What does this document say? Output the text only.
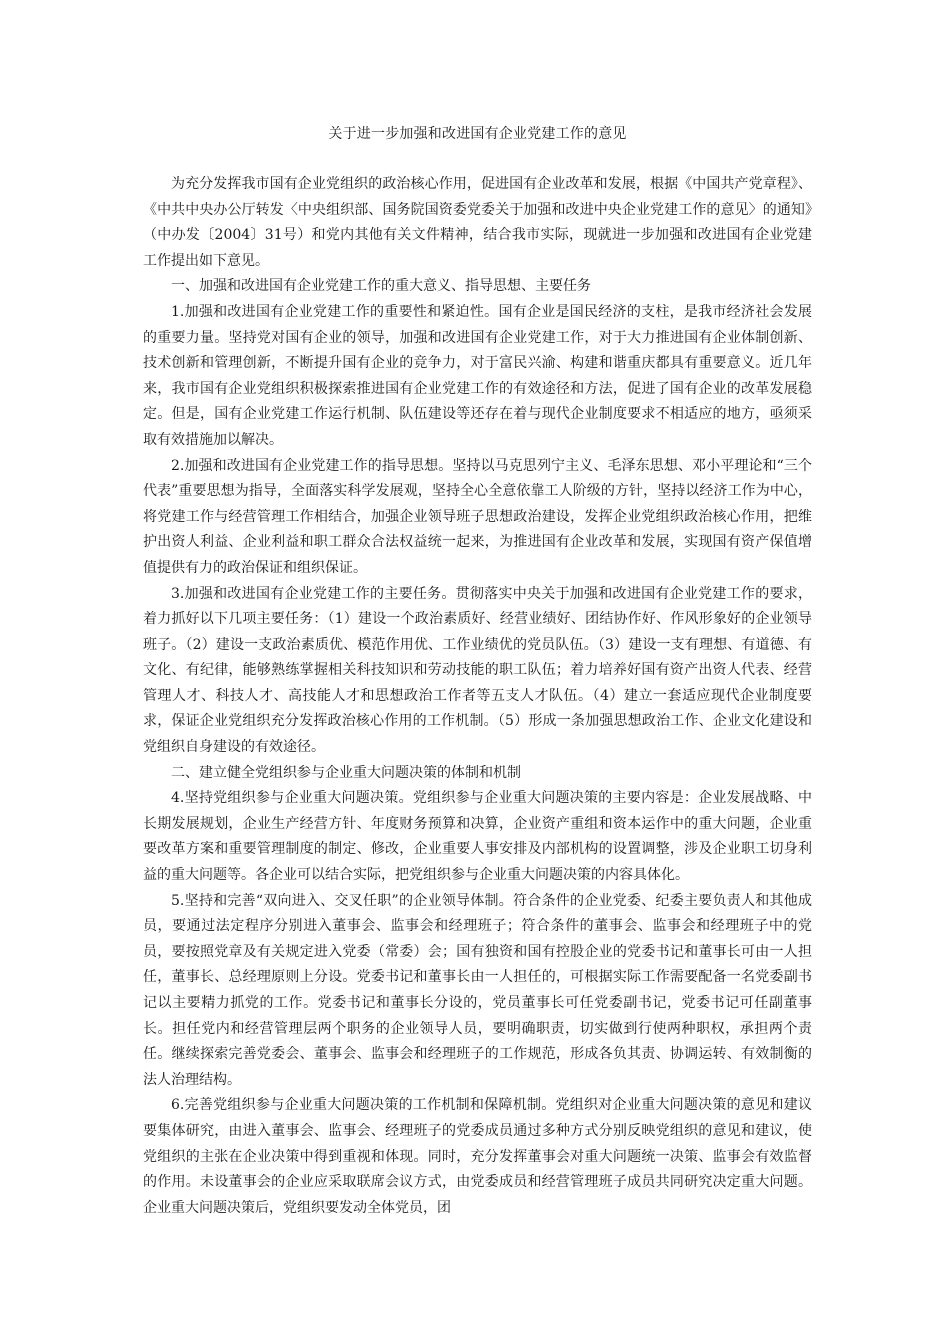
关于进一步加强和改进国有企业党建工作的意见

为充分发挥我市国有企业党组织的政治核心作用，促进国有企业改革和发展，根据《中国共产党章程》、《中共中央办公厅转发〈中央组织部、国务院国资委党委关于加强和改进中央企业党建工作的意见〉的通知》（中办发〔2004〕31号）和党内其他有关文件精神，结合我市实际，现就进一步加强和改进国有企业党建工作提出如下意见。

一、加强和改进国有企业党建工作的重大意义、指导思想、主要任务

1.加强和改进国有企业党建工作的重要性和紧迫性。国有企业是国民经济的支柱，是我市经济社会发展的重要力量。坚持党对国有企业的领导，加强和改进国有企业党建工作，对于大力推进国有企业体制创新、技术创新和管理创新，不断提升国有企业的竞争力，对于富民兴渝、构建和谐重庆都具有重要意义。近几年来，我市国有企业党组织积极探索推进国有企业党建工作的有效途径和方法，促进了国有企业的改革发展稳定。但是，国有企业党建工作运行机制、队伍建设等还存在着与现代企业制度要求不相适应的地方，亟须采取有效措施加以解决。

2.加强和改进国有企业党建工作的指导思想。坚持以马克思列宁主义、毛泽东思想、邓小平理论和“三个代表”重要思想为指导，全面落实科学发展观，坚持全心全意依靠工人阶级的方针，坚持以经济工作为中心，将党建工作与经营管理工作相结合，加强企业领导班子思想政治建设，发挥企业党组织政治核心作用，把维护出资人利益、企业利益和职工群众合法权益统一起来，为推进国有企业改革和发展，实现国有资产保值增值提供有力的政治保证和组织保证。

3.加强和改进国有企业党建工作的主要任务。贯彻落实中央关于加强和改进国有企业党建工作的要求，着力抓好以下几项主要任务：（1）建设一个政治素质好、经营业绩好、团结协作好、作风形象好的企业领导班子。（2）建设一支政治素质优、模范作用优、工作业绩优的党员队伍。（3）建设一支有理想、有道德、有文化、有纪律，能够熟练掌握相关科技知识和劳动技能的职工队伍；着力培养好国有资产出资人代表、经营管理人才、科技人才、高技能人才和思想政治工作者等五支人才队伍。（4）建立一套适应现代企业制度要求，保证企业党组织充分发挥政治核心作用的工作机制。（5）形成一条加强思想政治工作、企业文化建设和党组织自身建设的有效途径。

二、建立健全党组织参与企业重大问题决策的体制和机制

4.坚持党组织参与企业重大问题决策。党组织参与企业重大问题决策的主要内容是：企业发展战略、中长期发展规划，企业生产经营方针、年度财务预算和决算，企业资产重组和资本运作中的重大问题，企业重要改革方案和重要管理制度的制定、修改，企业重要人事安排及内部机构的设置调整，涉及企业职工切身利益的重大问题等。各企业可以结合实际，把党组织参与企业重大问题决策的内容具体化。

5.坚持和完善“双向进入、交叉任职”的企业领导体制。符合条件的企业党委、纪委主要负责人和其他成员，要通过法定程序分别进入董事会、监事会和经理班子；符合条件的董事会、监事会和经理班子中的党员，要按照党章及有关规定进入党委（常委）会；国有独资和国有控股企业的党委书记和董事长可由一人担任，董事长、总经理原则上分设。党委书记和董事长由一人担任的，可根据实际工作需要配备一名党委副书记以主要精力抓党的工作。党委书记和董事长分设的，党员董事长可任党委副书记，党委书记可任副董事长。担任党内和经营管理层两个职务的企业领导人员，要明确职责，切实做到行使两种职权，承担两个责任。继续探索完善党委会、董事会、监事会和经理班子的工作规范，形成各负其责、协调运转、有效制衡的法人治理结构。

6.完善党组织参与企业重大问题决策的工作机制和保障机制。党组织对企业重大问题决策的意见和建议要集体研究，由进入董事会、监事会、经理班子的党委成员通过多种方式分别反映党组织的意见和建议，使党组织的主张在企业决策中得到重视和体现。同时，充分发挥董事会对重大问题统一决策、监事会有效监督的作用。未设董事会的企业应采取联席会议方式，由党委成员和经营管理班子成员共同研究决定重大问题。企业重大问题决策后，党组织要发动全体党员，团
